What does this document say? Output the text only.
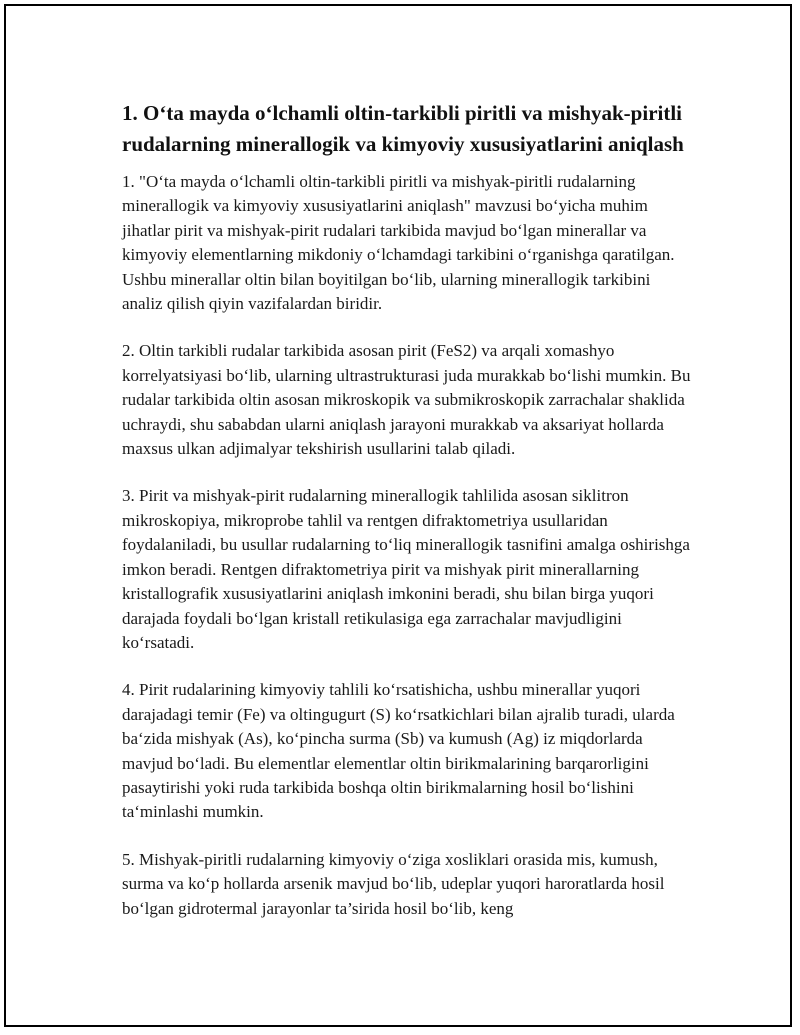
1. O‘ta mayda o‘lchamli oltin-tarkibli piritli va mishyak-piritli rudalarning minerallogik va kimyoviy xususiyatlarini aniqlash

1. "O‘ta mayda o‘lchamli oltin-tarkibli piritli va mishyak-piritli rudalarning minerallogik va kimyoviy xususiyatlarini aniqlash" mavzusi bo‘yicha muhim jihatlar pirit va mishyak-pirit rudalari tarkibida mavjud bo‘lgan minerallar va kimyoviy elementlarning mikdoniy o‘lchamdagi tarkibini o‘rganishga qaratilgan. Ushbu minerallar oltin bilan boyitilgan bo‘lib, ularning minerallogik tarkibini analiz qilish qiyin vazifalardan biridir.

2. Oltin tarkibli rudalar tarkibida asosan pirit (FeS2) va arqali xomashyo korrelyatsiyasi bo‘lib, ularning ultrastrukturasi juda murakkab bo‘lishi mumkin. Bu rudalar tarkibida oltin asosan mikroskopik va submikroskopik zarrachalar shaklida uchraydi, shu sababdan ularni aniqlash jarayoni murakkab va aksariyat hollarda maxsus ulkan adjimalyar tekshirish usullarini talab qiladi.

3. Pirit va mishyak-pirit rudalarning minerallogik tahlilida asosan siklitron mikroskopiya, mikroprobe tahlil va rentgen difraktometriya usullaridan foydalaniladi, bu usullar rudalarning to‘liq minerallogik tasnifini amalga oshirishga imkon beradi. Rentgen difraktometriya pirit va mishyak pirit minerallarning kristallografik xususiyatlarini aniqlash imkonini beradi, shu bilan birga yuqori darajada foydali bo‘lgan kristall retikulasiga ega zarrachalar mavjudligini ko‘rsatadi.

4. Pirit rudalarining kimyoviy tahlili ko‘rsatishicha, ushbu minerallar yuqori darajadagi temir (Fe) va oltingugurt (S) ko‘rsatkichlari bilan ajralib turadi, ularda ba‘zida mishyak (As), ko‘pincha surma (Sb) va kumush (Ag) iz miqdorlarda mavjud bo‘ladi. Bu elementlar elementlar oltin birikmalarining barqarorligini pasaytirishi yoki ruda tarkibida boshqa oltin birikmalarning hosil bo‘lishini ta‘minlashi mumkin.

5. Mishyak-piritli rudalarning kimyoviy o‘ziga xosliklari orasida mis, kumush, surma va ko‘p hollarda arsenik mavjud bo‘lib, udeplar yuqori haroratlarda hosil bo‘lgan gidrotermal jarayonlar ta’sirida hosil bo‘lib, keng
